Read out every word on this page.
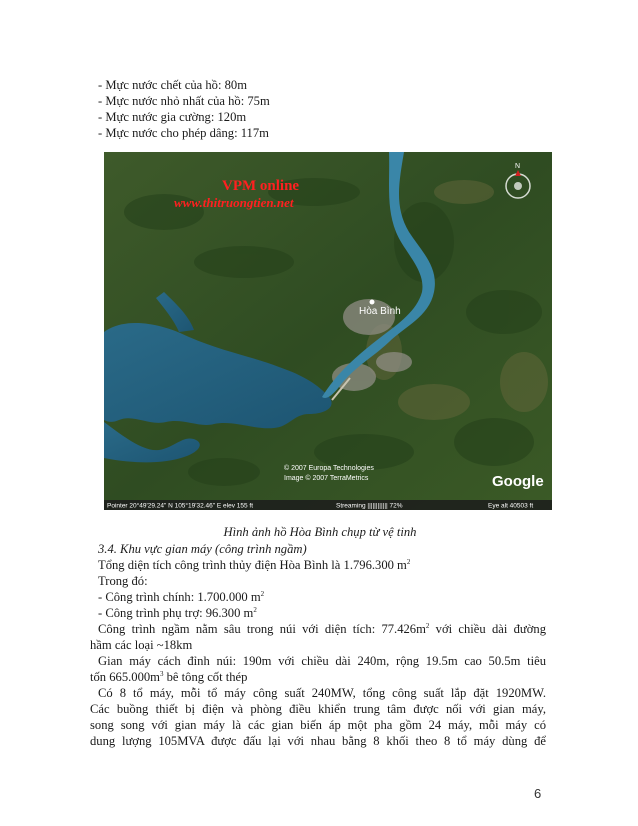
- Mực nước chết của hồ: 80m
- Mực nước nhỏ nhất của hồ: 75m
- Mực nước gia cường: 120m
- Mực nước cho phép dâng: 117m
VPM online
www.thitruongtien.net
Hòa Bình
N
© 2007 Europa Technologies
Image © 2007 TerraMetrics	Google
Pointer 20°49'29.24" N 105°19'32.46" E elev 155 ft	Streaming |||||||||||| 72%	Eye alt 40503 ft
Hình ảnh hồ Hòa Bình chụp từ vệ tinh
3.4. Khu vực gian máy (công trình ngầm)
Tổng diện tích công trình thủy điện Hòa Bình là 1.796.300 $m^2$
Trong đó:
- Công trình chính: 1.700.000 $m^2$
- Công trình phụ trợ: 96.300 $m^2$
Công trình ngầm nằm sâu trong núi với diện tích: $77.426m^2$ với chiều dài đường
hầm các loại ~18km
Gian máy cách đỉnh núi: 190m với chiều dài 240m, rộng 19.5m cao 50.5m tiêu
tốn $665.000m^3$ bê tông cốt thép
Có 8 tổ máy, mỗi tổ máy công suất 240MW, tổng công suất lắp đặt 1920MW.
Các buồng thiết bị điện và phòng điều khiển trung tâm được nối với gian máy,
song song với gian máy là các gian biến áp một pha gồm 24 máy, mỗi máy có
dung lượng 105MVA được đấu lại với nhau bằng 8 khối theo 8 tổ máy dùng để
6
